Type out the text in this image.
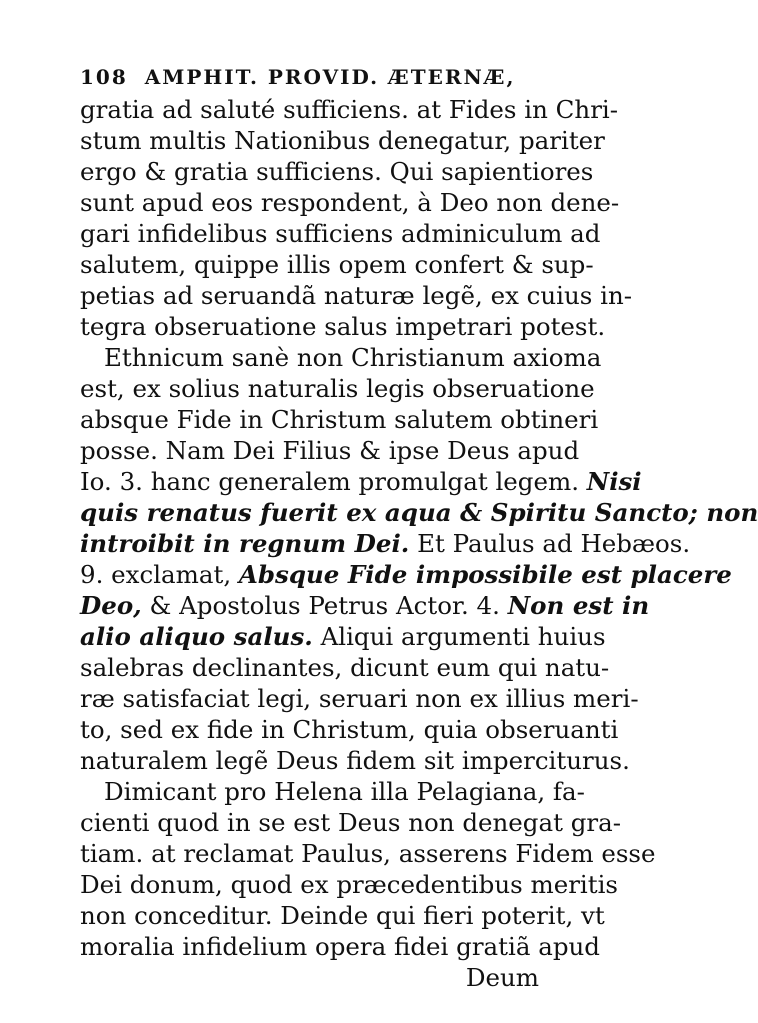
108 AMPHIT. PROVID. ÆTERNÆ,
gratia ad saluté sufficiens. at Fides in Chri-
stum multis Nationibus denegatur, pariter
ergo & gratia sufficiens. Qui sapientiores
sunt apud eos respondent, à Deo non dene-
gari infidelibus sufficiens adminiculum ad
salutem, quippe illis opem confert & sup-
petias ad seruandã naturæ legẽ, ex cuius in-
tegra obseruatione salus impetrari potest.
Ethnicum sanè non Christianum axioma
est, ex solius naturalis legis obseruatione
absque Fide in Christum salutem obtineri
posse. Nam Dei Filius & ipse Deus apud
Io. 3. hanc generalem promulgat legem. Nisi
quis renatus fuerit ex aqua & Spiritu Sancto; non
introibit in regnum Dei. Et Paulus ad Hebæos.
9. exclamat, Absque Fide impossibile est placere
Deo, & Apostolus Petrus Actor. 4. Non est in
alio aliquo salus. Aliqui argumenti huius
salebras declinantes, dicunt eum qui natu-
ræ satisfaciat legi, seruari non ex illius meri-
to, sed ex fide in Christum, quia obseruanti
naturalem legẽ Deus fidem sit imperciturus.
Dimicant pro Helena illa Pelagiana, fa-
cienti quod in se est Deus non denegat gra-
tiam. at reclamat Paulus, asserens Fidem esse
Dei donum, quod ex præcedentibus meritis
non conceditur. Deinde qui fieri poterit, vt
moralia infidelium opera fidei gratiã apud
Deum
